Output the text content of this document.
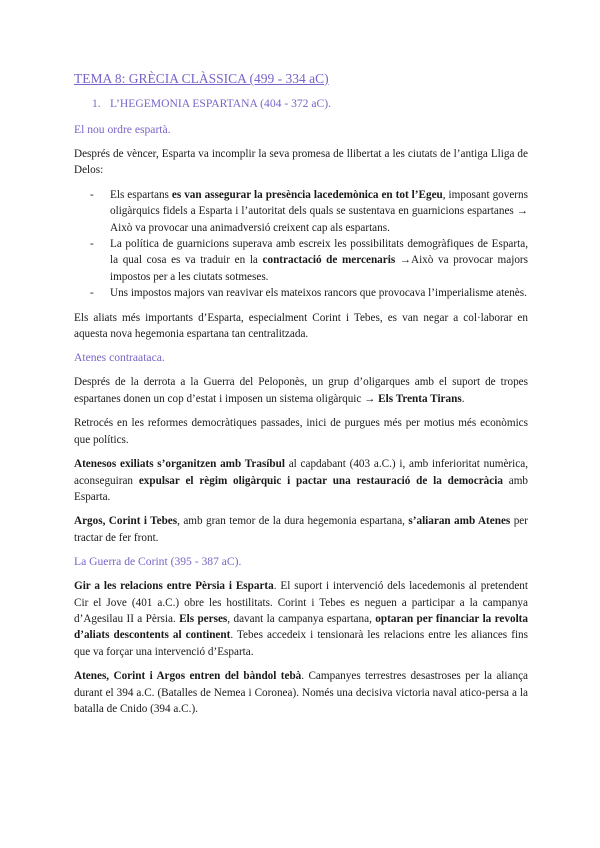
TEMA 8: GRÈCIA CLÀSSICA (499 - 334 aC)
1. L’HEGEMONIA ESPARTANA (404 - 372 aC).
El nou ordre espartà.

Després de vèncer, Esparta va incomplir la seva promesa de llibertat a les ciutats de l’antiga Lliga de Delos:

- Els espartans es van assegurar la presència lacedemònica en tot l’Egeu, imposant governs oligàrquics fidels a Esparta i l’autoritat dels quals se sustentava en guarnicions espartanes → Això va provocar una animadversió creixent cap als espartans.
- La política de guarnicions superava amb escreix les possibilitats demogràfiques de Esparta, la qual cosa es va traduir en la contractació de mercenaris →Això va provocar majors impostos per a les ciutats sotmeses.
- Uns impostos majors van reavivar els mateixos rancors que provocava l’imperialisme atenès.

Els aliats més importants d’Esparta, especialment Corint i Tebes, es van negar a col·laborar en aquesta nova hegemonia espartana tan centralitzada.

Atenes contraataca.

Després de la derrota a la Guerra del Peloponès, un grup d’oligarques amb el suport de tropes espartanes donen un cop d’estat i imposen un sistema oligàrquic → Els Trenta Tirans.

Retrocés en les reformes democràtiques passades, inici de purgues més per motius més econòmics que polítics.

Atenesos exiliats s’organitzen amb Trasíbul al capdabant (403 a.C.) i, amb inferioritat numèrica, aconseguiran expulsar el règim oligàrquic i pactar una restauració de la democràcia amb Esparta.

Argos, Corint i Tebes, amb gran temor de la dura hegemonia espartana, s’aliaran amb Atenes per tractar de fer front.

La Guerra de Corint (395 - 387 aC).

Gir a les relacions entre Pèrsia i Esparta. El suport i intervenció dels lacedemonis al pretendent Cir el Jove (401 a.C.) obre les hostilitats. Corint i Tebes es neguen a participar a la campanya d’Agesilau II a Pèrsia. Els perses, davant la campanya espartana, optaran per financiar la revolta d’aliats descontents al continent. Tebes accedeix i tensionarà les relacions entre les aliances fins que va forçar una intervenció d’Esparta.

Atenes, Corint i Argos entren del bàndol tebà. Campanyes terrestres desastroses per la aliança durant el 394 a.C. (Batalles de Nemea i Coronea). Només una decisiva victoria naval atico-persa a la batalla de Cnido (394 a.C.).
